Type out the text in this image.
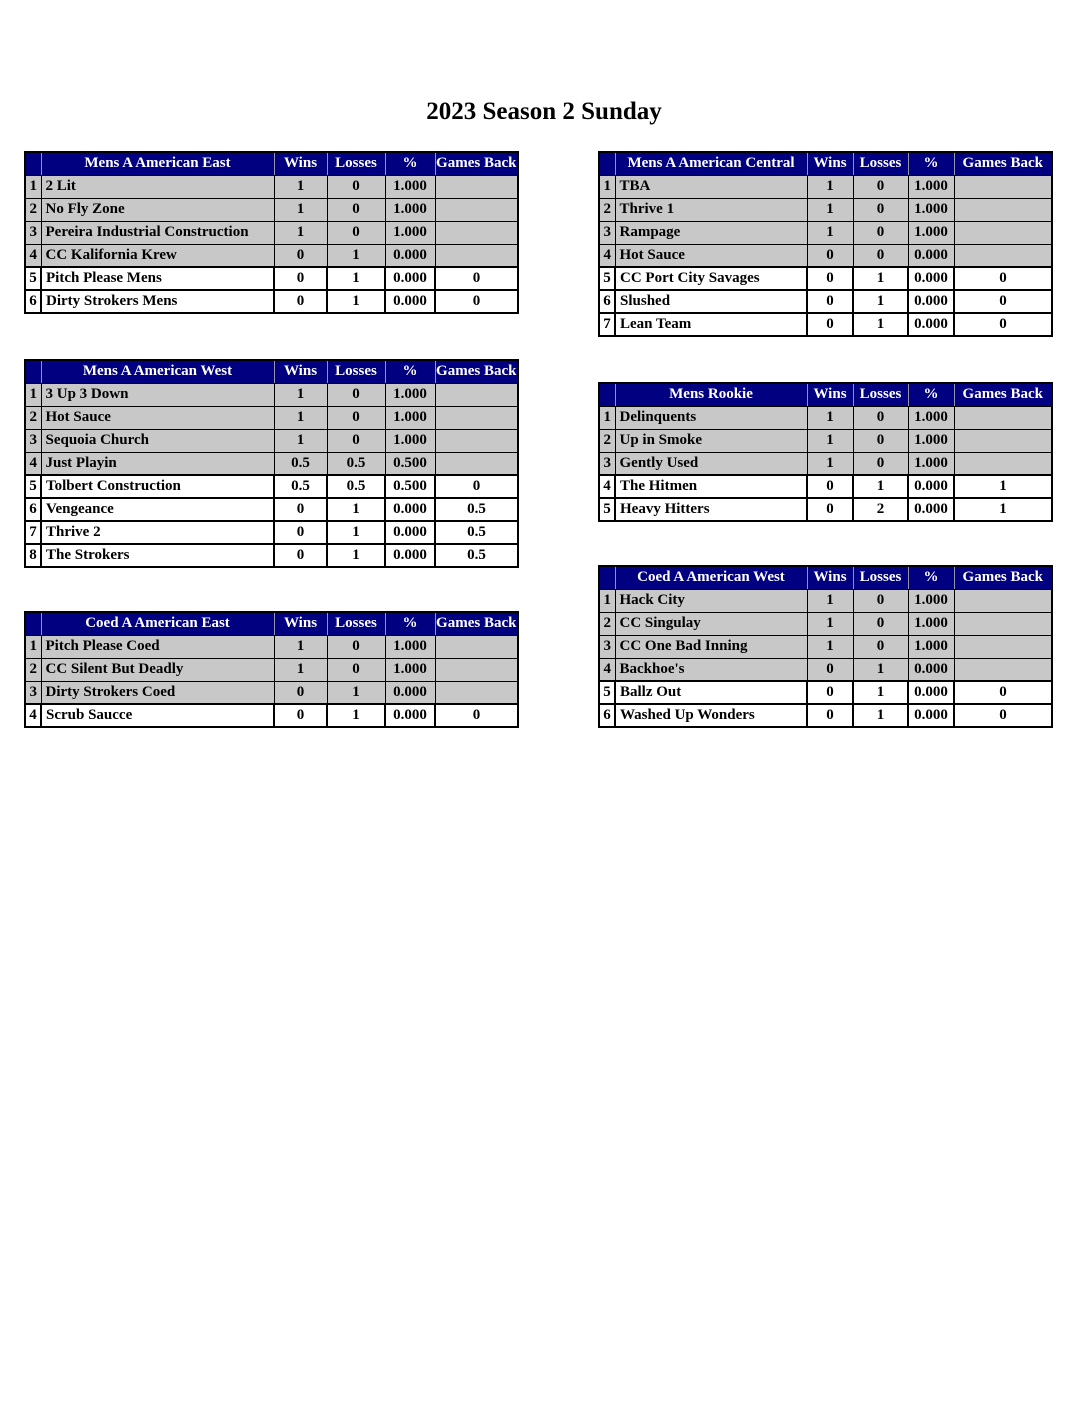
2023 Season 2 Sunday
	Mens A American East	Wins	Losses	%	Games Back
1	2 Lit	1	0	1.000	
2	No Fly Zone	1	0	1.000	
3	Pereira Industrial Construction	1	0	1.000	
4	CC Kalifornia Krew	0	1	0.000	
5	Pitch Please Mens	0	1	0.000	0
6	Dirty Strokers Mens	0	1	0.000	0
	Mens A American Central	Wins	Losses	%	Games Back
1	TBA	1	0	1.000	
2	Thrive 1	1	0	1.000	
3	Rampage	1	0	1.000	
4	Hot Sauce	0	0	0.000	
5	CC Port City Savages	0	1	0.000	0
6	Slushed	0	1	0.000	0
7	Lean Team	0	1	0.000	0
	Mens A American West	Wins	Losses	%	Games Back
1	3 Up 3 Down	1	0	1.000	
2	Hot Sauce	1	0	1.000	
3	Sequoia Church	1	0	1.000	
4	Just Playin	0.5	0.5	0.500	
5	Tolbert Construction	0.5	0.5	0.500	0
6	Vengeance	0	1	0.000	0.5
7	Thrive 2	0	1	0.000	0.5
8	The Strokers	0	1	0.000	0.5
	Mens Rookie	Wins	Losses	%	Games Back
1	Delinquents	1	0	1.000	
2	Up in Smoke	1	0	1.000	
3	Gently Used	1	0	1.000	
4	The Hitmen	0	1	0.000	1
5	Heavy Hitters	0	2	0.000	1
	Coed A American East	Wins	Losses	%	Games Back
1	Pitch Please Coed	1	0	1.000	
2	CC Silent But Deadly	1	0	1.000	
3	Dirty Strokers Coed	0	1	0.000	
4	Scrub Saucce	0	1	0.000	0
	Coed A American West	Wins	Losses	%	Games Back
1	Hack City	1	0	1.000	
2	CC Singulay	1	0	1.000	
3	CC One Bad Inning	1	0	1.000	
4	Backhoe's	0	1	0.000	
5	Ballz Out	0	1	0.000	0
6	Washed Up Wonders	0	1	0.000	0
